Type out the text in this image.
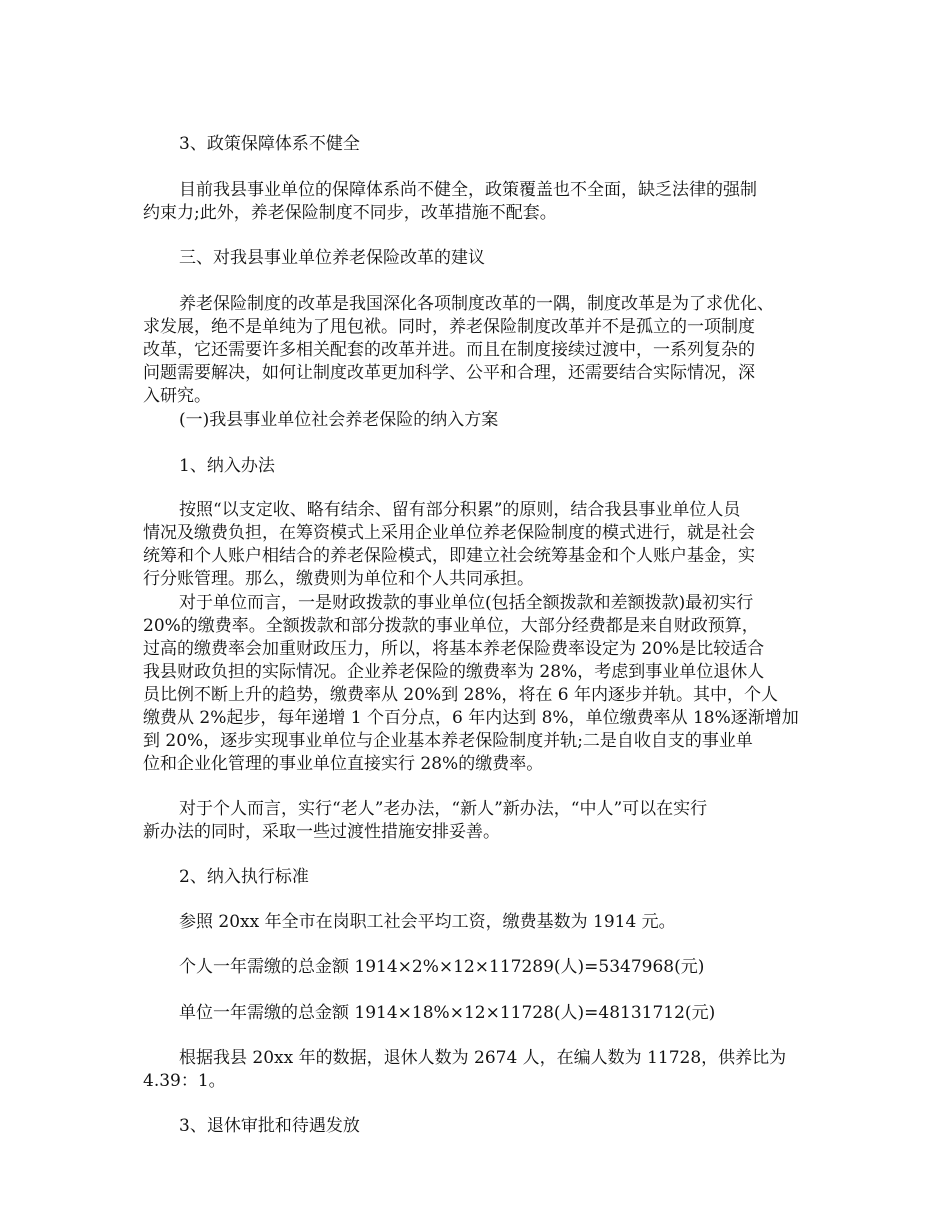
3、政策保障体系不健全
目前我县事业单位的保障体系尚不健全，政策覆盖也不全面，缺乏法律的强制
约束力;此外，养老保险制度不同步，改革措施不配套。
三、对我县事业单位养老保险改革的建议
养老保险制度的改革是我国深化各项制度改革的一隅，制度改革是为了求优化、
求发展，绝不是单纯为了甩包袱。同时，养老保险制度改革并不是孤立的一项制度
改革，它还需要许多相关配套的改革并进。而且在制度接续过渡中，一系列复杂的
问题需要解决，如何让制度改革更加科学、公平和合理，还需要结合实际情况，深
入研究。
(一)我县事业单位社会养老保险的纳入方案
1、纳入办法
按照“以支定收、略有结余、留有部分积累”的原则，结合我县事业单位人员
情况及缴费负担，在筹资模式上采用企业单位养老保险制度的模式进行，就是社会
统筹和个人账户相结合的养老保险模式，即建立社会统筹基金和个人账户基金，实
行分账管理。那么，缴费则为单位和个人共同承担。
对于单位而言，一是财政拨款的事业单位(包括全额拨款和差额拨款)最初实行
20%的缴费率。全额拨款和部分拨款的事业单位，大部分经费都是来自财政预算，
过高的缴费率会加重财政压力，所以，将基本养老保险费率设定为 20%是比较适合
我县财政负担的实际情况。企业养老保险的缴费率为 28%，考虑到事业单位退休人
员比例不断上升的趋势，缴费率从 20%到 28%，将在 6 年内逐步并轨。其中，个人
缴费从 2%起步，每年递增 1 个百分点，6 年内达到 8%，单位缴费率从 18%逐渐增加
到 20%，逐步实现事业单位与企业基本养老保险制度并轨;二是自收自支的事业单
位和企业化管理的事业单位直接实行 28%的缴费率。
对于个人而言，实行“老人”老办法，“新人”新办法，“中人”可以在实行
新办法的同时，采取一些过渡性措施安排妥善。
2、纳入执行标准
参照 20xx 年全市在岗职工社会平均工资，缴费基数为 1914 元。
个人一年需缴的总金额 1914×2%×12×117289(人)=5347968(元)
单位一年需缴的总金额 1914×18%×12×11728(人)=48131712(元)
根据我县 20xx 年的数据，退休人数为 2674 人，在编人数为 11728，供养比为
4.39：1。
3、退休审批和待遇发放
